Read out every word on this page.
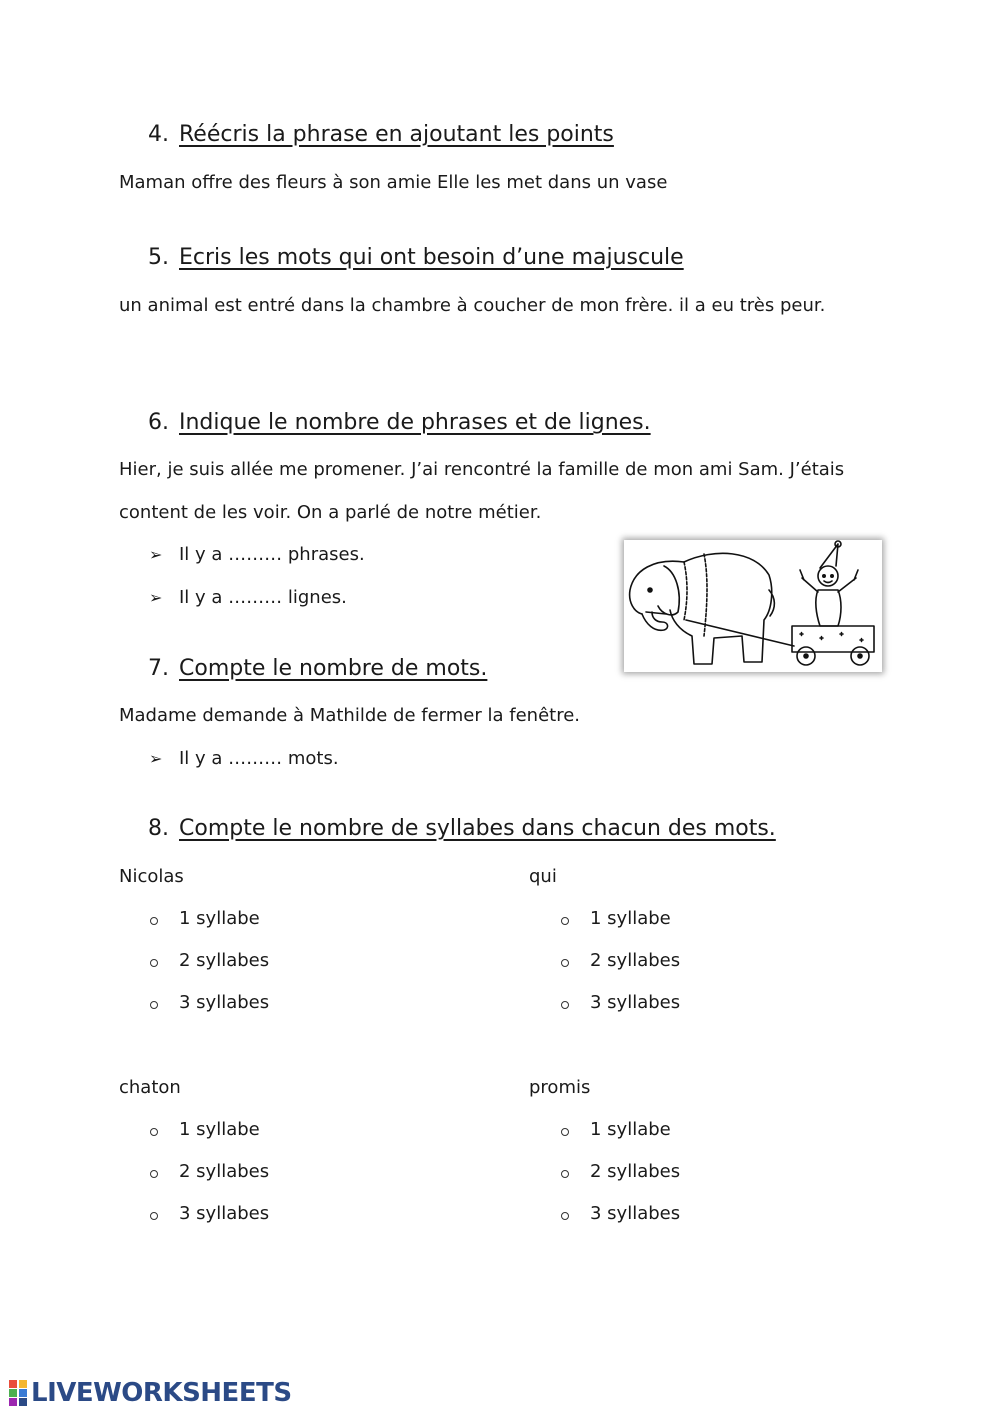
4. Réécris la phrase en ajoutant les points
Maman offre des fleurs à son amie Elle les met dans un vase
5. Ecris les mots qui ont besoin d’une majuscule
un animal est entré dans la chambre à coucher de mon frère. il a eu très peur.
6. Indique le nombre de phrases et de lignes.
Hier, je suis allée me promener. J’ai rencontré la famille de mon ami Sam. J’étais
content de les voir. On a parlé de notre métier.
➢ Il y a ……… phrases.
➢ Il y a ……… lignes.
7. Compte le nombre de mots.
Madame demande à Mathilde de fermer la fenêtre.
➢ Il y a ……… mots.
8. Compte le nombre de syllabes dans chacun des mots.
Nicolas
1 syllabe
2 syllabes
3 syllabes
qui
1 syllabe
2 syllabes
3 syllabes
chaton
1 syllabe
2 syllabes
3 syllabes
promis
1 syllabe
2 syllabes
3 syllabes
LIVEWORKSHEETS
